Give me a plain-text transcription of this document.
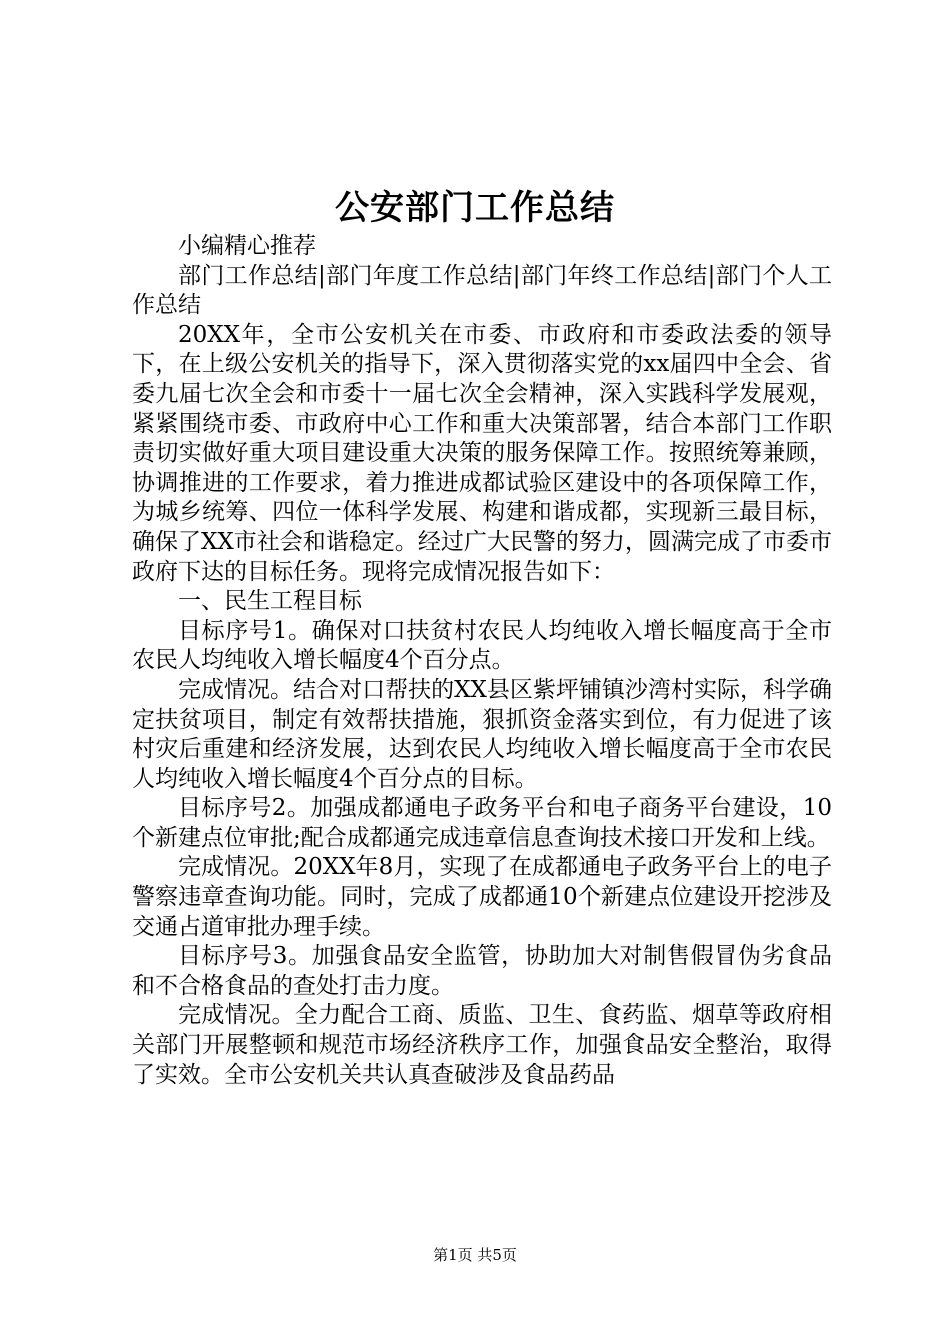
公安部门工作总结

小编精心推荐

部门工作总结|部门年度工作总结|部门年终工作总结|部门个人工作总结

20XX年，全市公安机关在市委、市政府和市委政法委的领导下，在上级公安机关的指导下，深入贯彻落实党的xx届四中全会、省委九届七次全会和市委十一届七次全会精神，深入实践科学发展观，紧紧围绕市委、市政府中心工作和重大决策部署，结合本部门工作职责切实做好重大项目建设重大决策的服务保障工作。按照统筹兼顾，协调推进的工作要求，着力推进成都试验区建设中的各项保障工作，为城乡统筹、四位一体科学发展、构建和谐成都，实现新三最目标，确保了XX市社会和谐稳定。经过广大民警的努力，圆满完成了市委市政府下达的目标任务。现将完成情况报告如下：

一、民生工程目标

目标序号1。确保对口扶贫村农民人均纯收入增长幅度高于全市农民人均纯收入增长幅度4个百分点。

完成情况。结合对口帮扶的XX县区紫坪铺镇沙湾村实际，科学确定扶贫项目，制定有效帮扶措施，狠抓资金落实到位，有力促进了该村灾后重建和经济发展，达到农民人均纯收入增长幅度高于全市农民人均纯收入增长幅度4个百分点的目标。

目标序号2。加强成都通电子政务平台和电子商务平台建设，10个新建点位审批;配合成都通完成违章信息查询技术接口开发和上线。

完成情况。20XX年8月，实现了在成都通电子政务平台上的电子警察违章查询功能。同时，完成了成都通10个新建点位建设开挖涉及交通占道审批办理手续。

目标序号3。加强食品安全监管，协助加大对制售假冒伪劣食品和不合格食品的查处打击力度。

完成情况。全力配合工商、质监、卫生、食药监、烟草等政府相关部门开展整顿和规范市场经济秩序工作，加强食品安全整治，取得了实效。全市公安机关共认真查破涉及食品药品

第1页 共5页
